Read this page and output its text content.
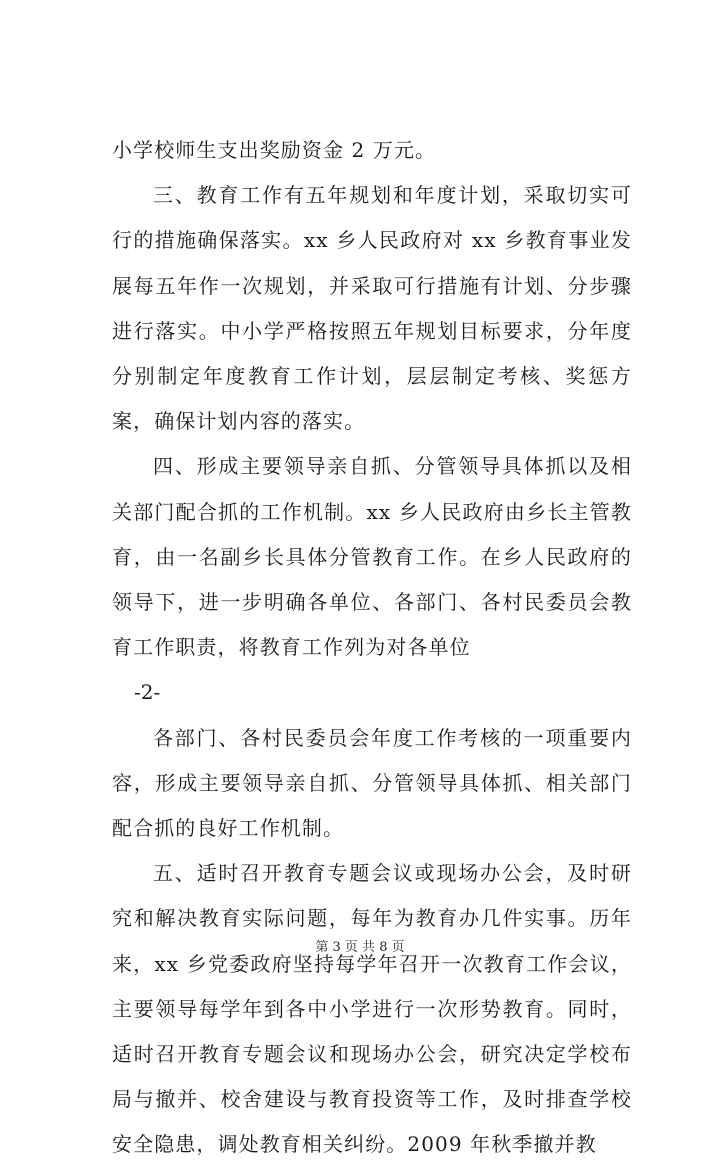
小学校师生支出奖励资金 2 万元。

三、教育工作有五年规划和年度计划，采取切实可行的措施确保落实。xx 乡人民政府对 xx 乡教育事业发展每五年作一次规划，并采取可行措施有计划、分步骤进行落实。中小学严格按照五年规划目标要求，分年度分别制定年度教育工作计划，层层制定考核、奖惩方案，确保计划内容的落实。

四、形成主要领导亲自抓、分管领导具体抓以及相关部门配合抓的工作机制。xx 乡人民政府由乡长主管教育，由一名副乡长具体分管教育工作。在乡人民政府的领导下，进一步明确各单位、各部门、各村民委员会教育工作职责，将教育工作列为对各单位

-2-

各部门、各村民委员会年度工作考核的一项重要内容，形成主要领导亲自抓、分管领导具体抓、相关部门配合抓的良好工作机制。

五、适时召开教育专题会议或现场办公会，及时研究和解决教育实际问题，每年为教育办几件实事。历年来，xx 乡党委政府坚持每学年召开一次教育工作会议，主要领导每学年到各中小学进行一次形势教育。同时，适时召开教育专题会议和现场办公会，研究决定学校布局与撤并、校舍建设与教育投资等工作，及时排查学校安全隐患，调处教育相关纠纷。2009 年秋季撤并教

第 3 页 共 8 页
